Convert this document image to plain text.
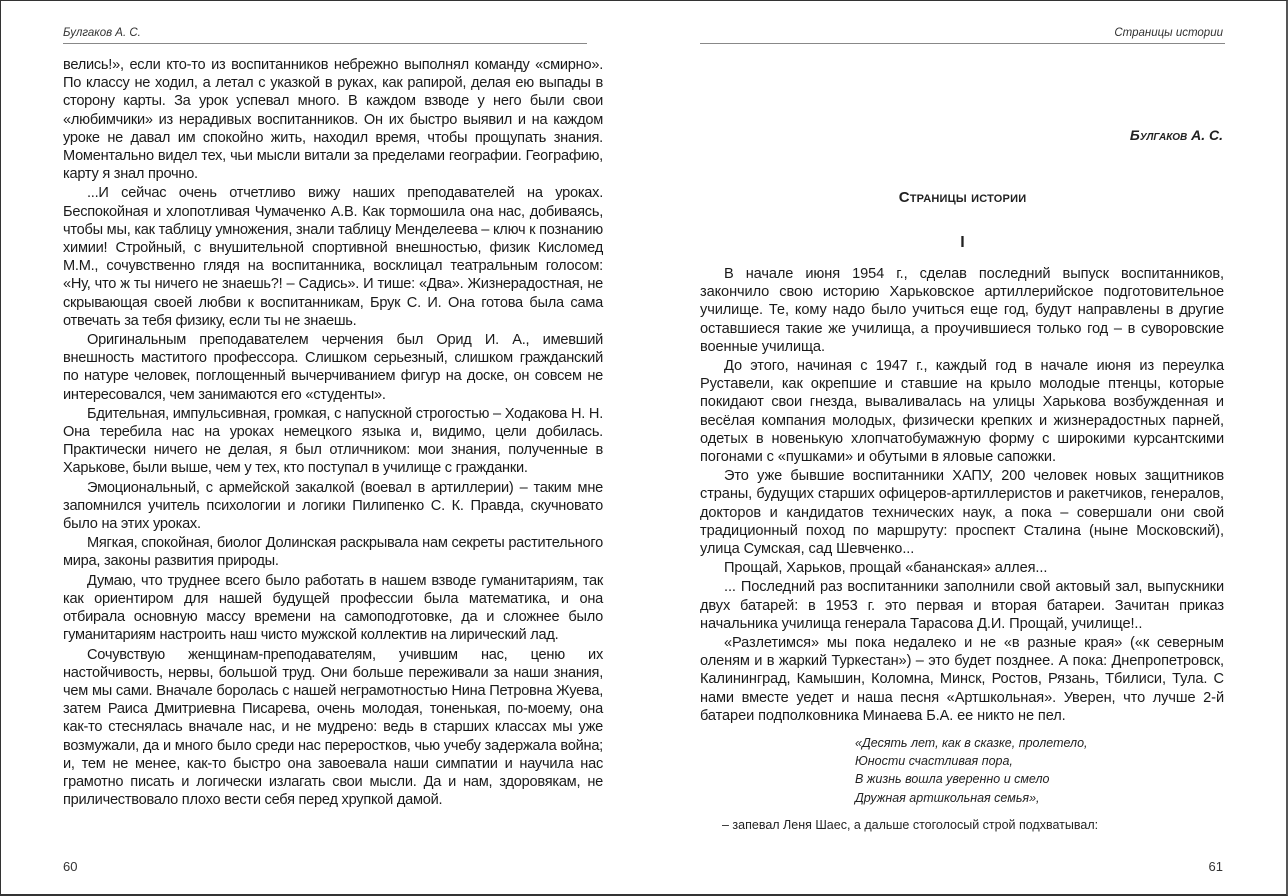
Булгаков А. С.

велись!», если кто-то из воспитанников небрежно выполнял команду «смирно». По классу не ходил, а летал с указкой в руках, как рапирой, делая ею выпады в сторону карты. За урок успевал много. В каждом взводе у него были свои «любимчики» из нерадивых воспитанников. Он их быстро выявил и на каждом уроке не давал им спокойно жить, находил время, чтобы прощупать знания. Моментально видел тех, чьи мысли витали за пределами географии. Географию, карту я знал прочно.

...И сейчас очень отчетливо вижу наших преподавателей на уроках. Беспокойная и хлопотливая Чумаченко А.В. Как тормошила она нас, добиваясь, чтобы мы, как таблицу умножения, знали таблицу Менделеева – ключ к познанию химии! Стройный, с внушительной спортивной внешностью, физик Кисломед М.М., сочувственно глядя на воспитанника, восклицал театральным голосом: «Ну, что ж ты ничего не знаешь?! – Садись». И тише: «Два». Жизнерадостная, не скрывающая своей любви к воспитанникам, Брук С. И. Она готова была сама отвечать за тебя физику, если ты не знаешь.

Оригинальным преподавателем черчения был Орид И. А., имевший внешность маститого профессора. Слишком серьезный, слишком гражданский по натуре человек, поглощенный вычерчиванием фигур на доске, он совсем не интересовался, чем занимаются его «студенты».

Бдительная, импульсивная, громкая, с напускной строгостью – Ходакова Н. Н. Она теребила нас на уроках немецкого языка и, видимо, цели добилась. Практически ничего не делая, я был отличником: мои знания, полученные в Харькове, были выше, чем у тех, кто поступал в училище с гражданки.

Эмоциональный, с армейской закалкой (воевал в артиллерии) – таким мне запомнился учитель психологии и логики Пилипенко С. К. Правда, скучновато было на этих уроках.

Мягкая, спокойная, биолог Долинская раскрывала нам секреты растительного мира, законы развития природы.

Думаю, что труднее всего было работать в нашем взводе гуманитариям, так как ориентиром для нашей будущей профессии была математика, и она отбирала основную массу времени на самоподготовке, да и сложнее было гуманитариям настроить наш чисто мужской коллектив на лирический лад.

Сочувствую женщинам-преподавателям, учившим нас, ценю их настойчивость, нервы, большой труд. Они больше переживали за наши знания, чем мы сами. Вначале боролась с нашей неграмотностью Нина Петровна Жуева, затем Раиса Дмитриевна Писарева, очень молодая, тоненькая, по-моему, она как-то стеснялась вначале нас, и не мудрено: ведь в старших классах мы уже возмужали, да и много было среди нас переростков, чью учебу задержала война; и, тем не менее, как-то быстро она завоевала наши симпатии и научила нас грамотно писать и логически излагать свои мысли. Да и нам, здоровякам, не приличествовало плохо вести себя перед хрупкой дамой.

60
Страницы истории
Булгаков А. С.
Страницы истории
I

В начале июня 1954 г., сделав последний выпуск воспитанников, закончило свою историю Харьковское артиллерийское подготовительное училище. Те, кому надо было учиться еще год, будут направлены в другие оставшиеся такие же училища, а проучившиеся только год – в суворовские военные училища.

До этого, начиная с 1947 г., каждый год в начале июня из переулка Руставели, как окрепшие и ставшие на крыло молодые птенцы, которые покидают свои гнезда, вываливалась на улицы Харькова возбужденная и весёлая компания молодых, физически крепких и жизнерадостных парней, одетых в новенькую хлопчатобумажную форму с широкими курсантскими погонами с «пушками» и обутыми в яловые сапожки.

Это уже бывшие воспитанники ХАПУ, 200 человек новых защитников страны, будущих старших офицеров-артиллеристов и ракетчиков, генералов, докторов и кандидатов технических наук, а пока – совершали они свой традиционный поход по маршруту: проспект Сталина (ныне Московский), улица Сумская, сад Шевченко...

Прощай, Харьков, прощай «бананская» аллея...

... Последний раз воспитанники заполнили свой актовый зал, выпускники двух батарей: в 1953 г. это первая и вторая батареи. Зачитан приказ начальника училища генерала Тарасова Д.И. Прощай, училище!..

«Разлетимся» мы пока недалеко и не «в разные края» («к северным оленям и в жаркий Туркестан») – это будет позднее. А пока: Днепропетровск, Калининград, Камышин, Коломна, Минск, Ростов, Рязань, Тбилиси, Тула. С нами вместе уедет и наша песня «Артшкольная». Уверен, что лучше 2-й батареи подполковника Минаева Б.А. ее никто не пел.

«Десять лет, как в сказке, пролетело,
Юности счастливая пора,
В жизнь вошла уверенно и смело
Дружная артшкольная семья»,
– запевал Леня Шаес, а дальше стоголосый строй подхватывал:
61
